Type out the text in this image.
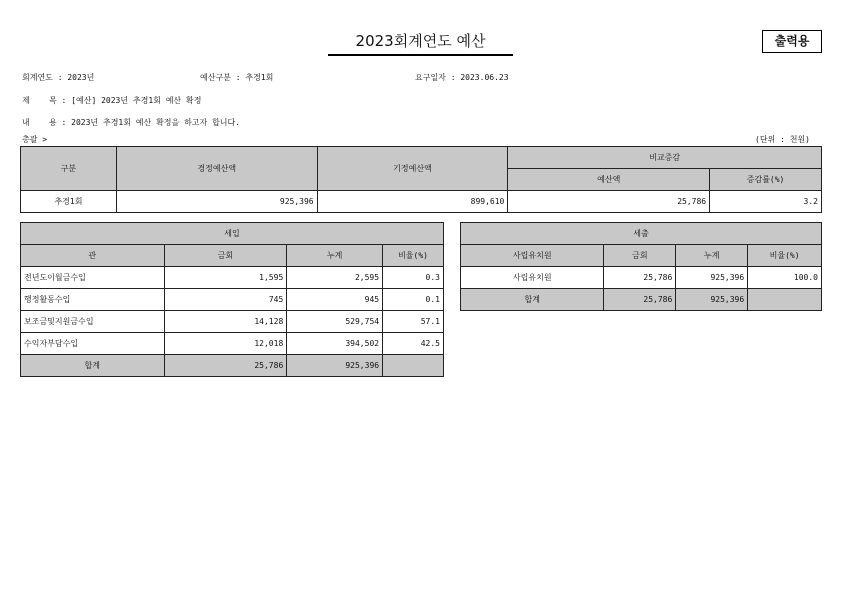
2023회계연도 예산	출력용
회계연도 : 2023년	예산구분 : 추경1회	요구일자 : 2023.06.23
제    목 : [예산] 2023년 추경1회 예산 확정
내    용 : 2023년 추경1회 예산 확정을 하고자 합니다.
총괄 >	(단위 : 천원)
구분	경정예산액	기정예산액	비교증감	
			예산액	증감률(%)
추경1회	925,396	899,610	25,786	3.2
세입			
관	금회	누계	비율(%)
전년도이월금수입	1,595	2,595	0.3
행정활동수입	745	945	0.1
보조금및지원금수입	14,128	529,754	57.1
수익자부담수입	12,018	394,502	42.5
합계	25,786	925,396	
세출			
사립유치원	금회	누계	비율(%)
사립유치원	25,786	925,396	100.0
합계	25,786	925,396	
